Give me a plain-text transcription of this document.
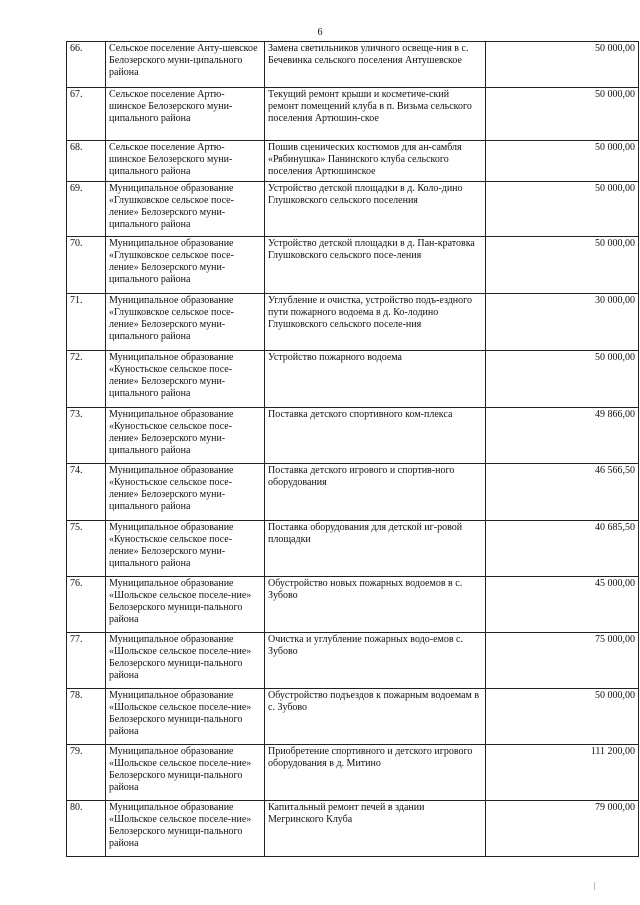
6
66.	Сельское поселение Анту-шевское Белозерского муни-ципального района	Замена светильников уличного освеще-ния в с. Бечевинка сельского поселения Антушевское	50 000,00
67.	Сельское поселение Артю-шинское Белозерского муни-ципального района	Текущий ремонт крыши и косметиче-ский ремонт помещений клуба в п. Визьма сельского поселения Артюшин-ское	50 000,00
68.	Сельское поселение Артю-шинское Белозерского муни-ципального района	Пошив сценических костюмов для ан-самбля «Рябинушка» Панинского клуба сельского поселения Артюшинское	50 000,00
69.	Муниципальное образование «Глушковское сельское посе-ление» Белозерского муни-ципального района	Устройство детской площадки в д. Коло-дино Глушковского сельского поселения	50 000,00
70.	Муниципальное образование «Глушковское сельское посе-ление» Белозерского муни-ципального района	Устройство детской площадки в д. Пан-кратовка Глушковского сельского посе-ления	50 000,00
71.	Муниципальное образование «Глушковское сельское посе-ление» Белозерского муни-ципального района	Углубление и очистка, устройство подъ-ездного пути пожарного водоема в д. Ко-лодино Глушковского сельского поселе-ния	30 000,00
72.	Муниципальное образование «Куностьское сельское посе-ление» Белозерского муни-ципального района	Устройство пожарного водоема	50 000,00
73.	Муниципальное образование «Куностьское сельское посе-ление» Белозерского муни-ципального района	Поставка детского спортивного ком-плекса	49 866,00
74.	Муниципальное образование «Куностьское сельское посе-ление» Белозерского муни-ципального района	Поставка детского игрового и спортив-ного оборудования	46 566,50
75.	Муниципальное образование «Куностьское сельское посе-ление» Белозерского муни-ципального района	Поставка оборудования для детской иг-ровой площадки	40 685,50
76.	Муниципальное образование «Шольское сельское поселе-ние» Белозерского муници-пального района	Обустройство новых пожарных водоемов в с. Зубово	45 000,00
77.	Муниципальное образование «Шольское сельское поселе-ние» Белозерского муници-пального района	Очистка и углубление пожарных водо-емов с. Зубово	75 000,00
78.	Муниципальное образование «Шольское сельское поселе-ние» Белозерского муници-пального района	Обустройство подъездов к пожарным водоемам в с. Зубово	50 000,00
79.	Муниципальное образование «Шольское сельское поселе-ние» Белозерского муници-пального района	Приобретение спортивного и детского игрового оборудования в д. Митино	111 200,00
80.	Муниципальное образование «Шольское сельское поселе-ние» Белозерского муници-пального района	Капитальный ремонт печей в здании Мегринского Клуба	79 000,00
